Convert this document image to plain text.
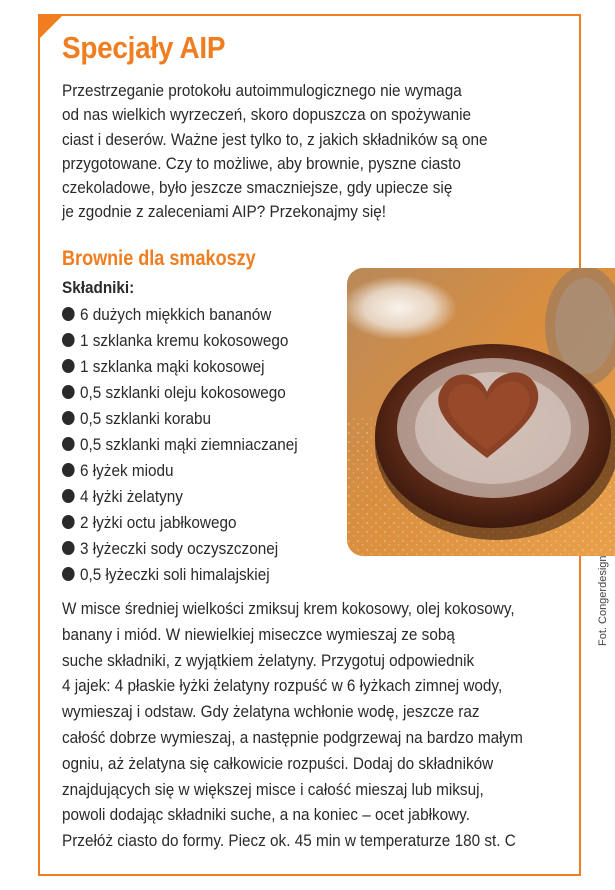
Specjały AIP

Przestrzeganie protokołu autoimmulogicznego nie wymaga
od nas wielkich wyrzeczeń, skoro dopuszcza on spożywanie
ciast i deserów. Ważne jest tylko to, z jakich składników są one
przygotowane. Czy to możliwe, aby brownie, pyszne ciasto
czekoladowe, było jeszcze smaczniejsze, gdy upiecze się
je zgodnie z zaleceniami AIP? Przekonajmy się!

Brownie dla smakoszy

Składniki:

6 dużych miękkich bananów
1 szklanka kremu kokosowego
1 szklanka mąki kokosowej
0,5 szklanki oleju kokosowego
0,5 szklanki korabu
0,5 szklanki mąki ziemniaczanej
6 łyżek miodu
4 łyżki żelatyny
2 łyżki octu jabłkowego
3 łyżeczki sody oczyszczonej
0,5 łyżeczki soli himalajskiej

W misce średniej wielkości zmiksuj krem kokosowy, olej kokosowy,
banany i miód. W niewielkiej miseczce wymieszaj ze sobą
suche składniki, z wyjątkiem żelatyny. Przygotuj odpowiednik
4 jajek: 4 płaskie łyżki żelatyny rozpuść w 6 łyżkach zimnej wody,
wymieszaj i odstaw. Gdy żelatyna wchłonie wodę, jeszcze raz
całość dobrze wymieszaj, a następnie podgrzewaj na bardzo małym
ogniu, aż żelatyna się całkowicie rozpuści. Dodaj do składników
znajdujących się w większej misce i całość mieszaj lub miksuj,
powoli dodając składniki suche, a na koniec – ocet jabłkowy.
Przełóż ciasto do formy. Piecz ok. 45 min w temperaturze 180 st. C

Fot. Congerdesign
